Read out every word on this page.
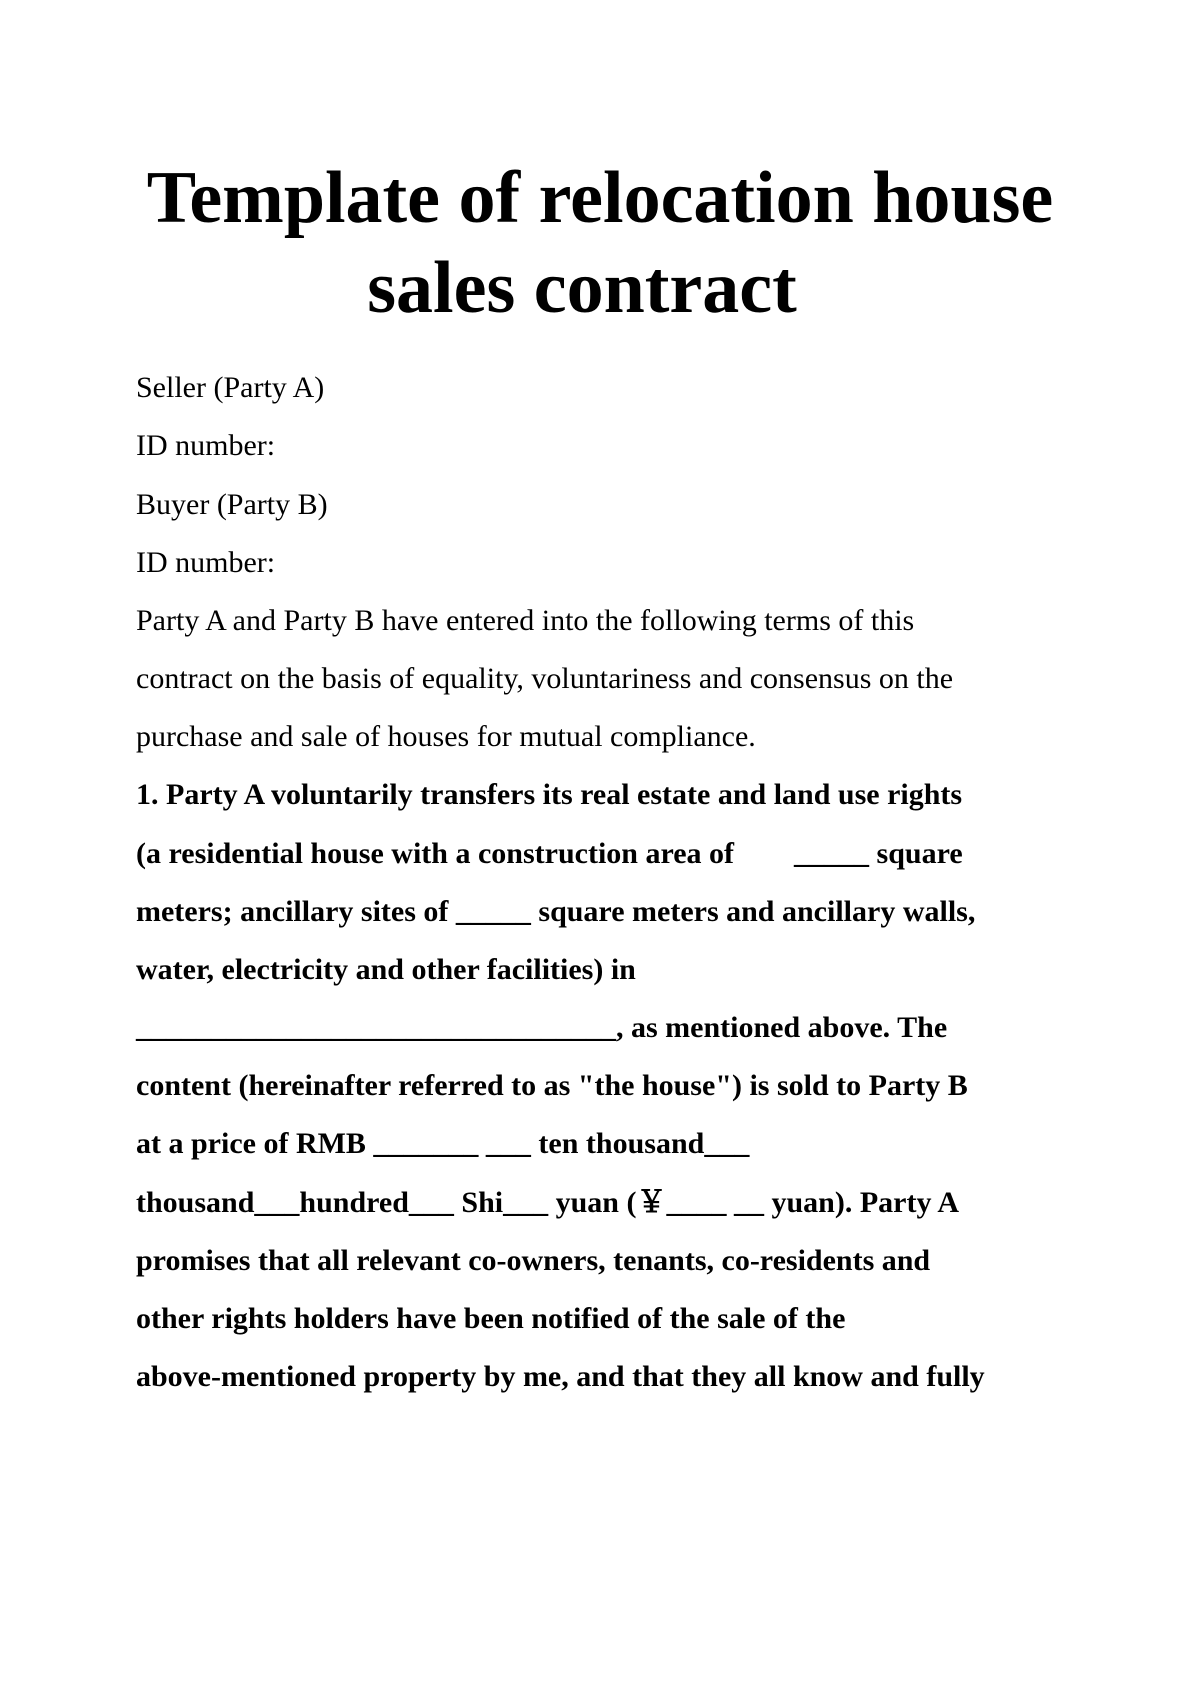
Template of relocation house
sales contract

Seller (Party A)

ID number:

Buyer (Party B)

ID number:

Party A and Party B have entered into the following terms of this

contract on the basis of equality, voluntariness and consensus on the

purchase and sale of houses for mutual compliance.

1. Party A voluntarily transfers its real estate and land use rights

(a residential house with a construction area of _____ square

meters; ancillary sites of _____ square meters and ancillary walls,

water, electricity and other facilities) in

________________________________, as mentioned above. The

content (hereinafter referred to as "the house") is sold to Party B

at a price of RMB _______ ___ ten thousand___

thousand___hundred___ Shi___ yuan (￥____ __ yuan). Party A

promises that all relevant co-owners, tenants, co-residents and

other rights holders have been notified of the sale of the

above-mentioned property by me, and that they all know and fully
